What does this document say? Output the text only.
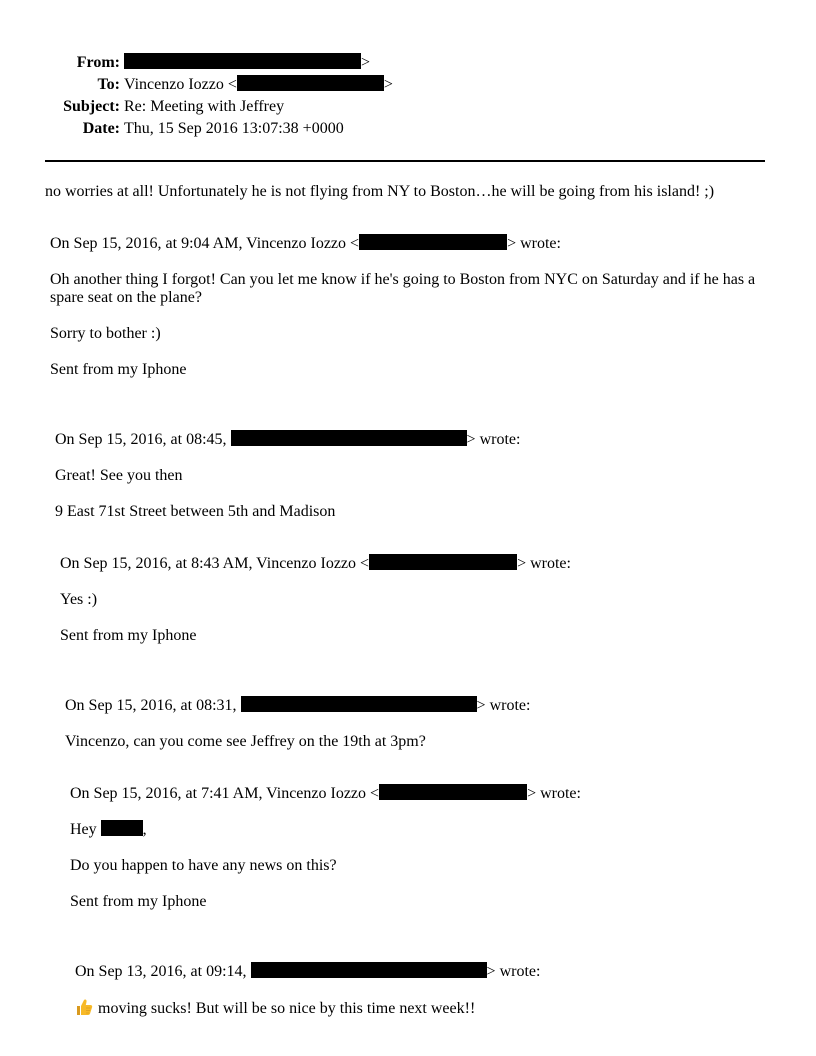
From:	>
To: Vincenzo Iozzo <	>
Subject: Re: Meeting with Jeffrey
Date: Thu, 15 Sep 2016 13:07:38 +0000
no worries at all! Unfortunately he is not flying from NY to Boston…he will be going from his island! ;)
On Sep 15, 2016, at 9:04 AM, Vincenzo Iozzo <	> wrote:
Oh another thing I forgot! Can you let me know if he's going to Boston from NYC on Saturday and if he has a
spare seat on the plane?
Sorry to bother :)
Sent from my Iphone
On Sep 15, 2016, at 08:45,	> wrote:
Great! See you then
9 East 71st Street between 5th and Madison
On Sep 15, 2016, at 8:43 AM, Vincenzo Iozzo <	> wrote:
Yes :)
Sent from my Iphone
On Sep 15, 2016, at 08:31,	> wrote:
Vincenzo, can you come see Jeffrey on the 19th at 3pm?
On Sep 15, 2016, at 7:41 AM, Vincenzo Iozzo <	> wrote:
Hey	,
Do you happen to have any news on this?
Sent from my Iphone
On Sep 13, 2016, at 09:14,	> wrote:
moving sucks! But will be so nice by this time next week!!
